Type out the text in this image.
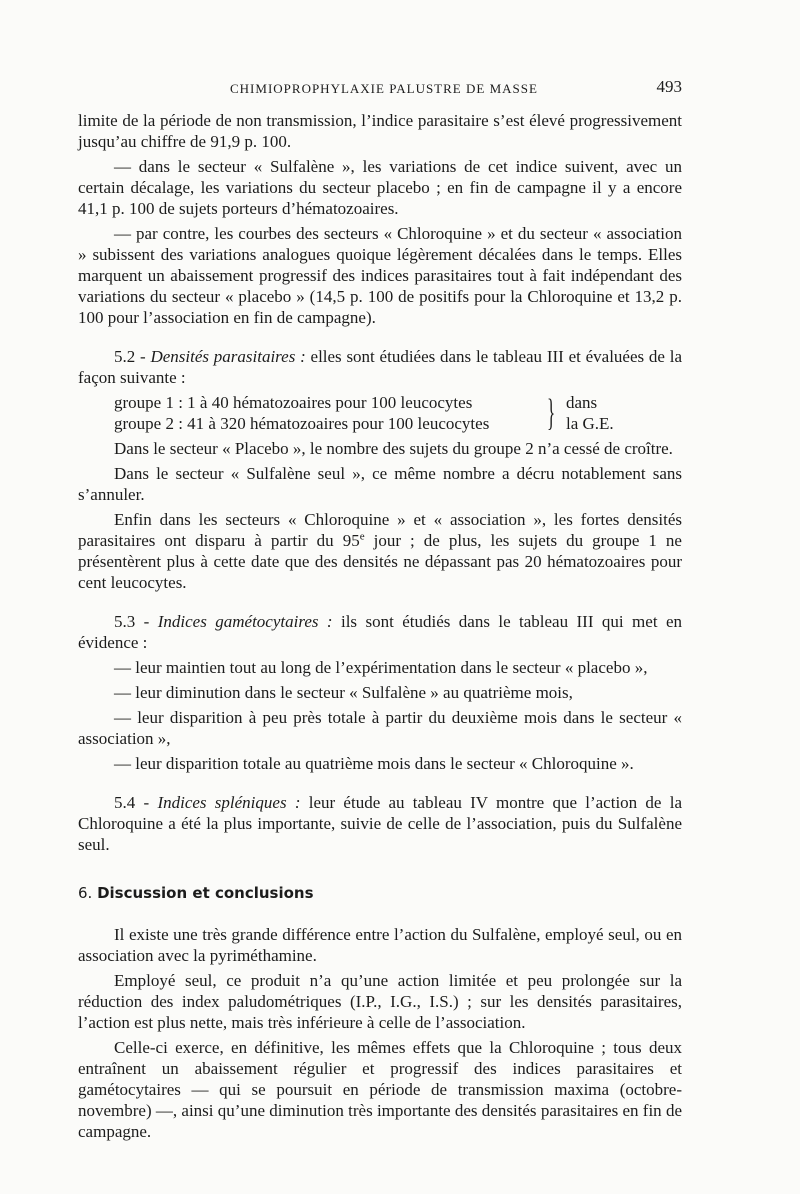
CHIMIOPROPHYLAXIE PALUSTRE DE MASSE	493

limite de la période de non transmission, l’indice parasitaire s’est élevé progressivement jusqu’au chiffre de 91,9 p. 100.

— dans le secteur « Sulfalène », les variations de cet indice suivent, avec un certain décalage, les variations du secteur placebo ; en fin de campagne il y a encore 41,1 p. 100 de sujets porteurs d’hématozoaires.

— par contre, les courbes des secteurs « Chloroquine » et du secteur « association » subissent des variations analogues quoique légèrement décalées dans le temps. Elles marquent un abaissement progressif des indices parasitaires tout à fait indépendant des variations du secteur « placebo » (14,5 p. 100 de positifs pour la Chloroquine et 13,2 p. 100 pour l’association en fin de campagne).

5.2 - Densités parasitaires : elles sont étudiées dans le tableau III et évaluées de la façon suivante :

groupe 1 : 1 à 40 hématozoaires pour 100 leucocytes
groupe 2 : 41 à 320 hématozoaires pour 100 leucocytes	} dans
la G.E.

Dans le secteur « Placebo », le nombre des sujets du groupe 2 n’a cessé de croître.

Dans le secteur « Sulfalène seul », ce même nombre a décru notablement sans s’annuler.

Enfin dans les secteurs « Chloroquine » et « association », les fortes densités parasitaires ont disparu à partir du 95e jour ; de plus, les sujets du groupe 1 ne présentèrent plus à cette date que des densités ne dépassant pas 20 hématozoaires pour cent leucocytes.

5.3 - Indices gamétocytaires : ils sont étudiés dans le tableau III qui met en évidence :

— leur maintien tout au long de l’expérimentation dans le secteur « placebo »,

— leur diminution dans le secteur « Sulfalène » au quatrième mois,

— leur disparition à peu près totale à partir du deuxième mois dans le secteur « association »,

— leur disparition totale au quatrième mois dans le secteur « Chloroquine ».

5.4 - Indices spléniques : leur étude au tableau IV montre que l’action de la Chloroquine a été la plus importante, suivie de celle de l’association, puis du Sulfalène seul.

6. Discussion et conclusions

Il existe une très grande différence entre l’action du Sulfalène, employé seul, ou en association avec la pyriméthamine.

Employé seul, ce produit n’a qu’une action limitée et peu prolongée sur la réduction des index paludométriques (I.P., I.G., I.S.) ; sur les densités parasitaires, l’action est plus nette, mais très inférieure à celle de l’association.

Celle-ci exerce, en définitive, les mêmes effets que la Chloroquine ; tous deux entraînent un abaissement régulier et progressif des indices parasitaires et gamétocytaires — qui se poursuit en période de transmission maxima (octobre-novembre) —, ainsi qu’une diminution très importante des densités parasitaires en fin de campagne.
